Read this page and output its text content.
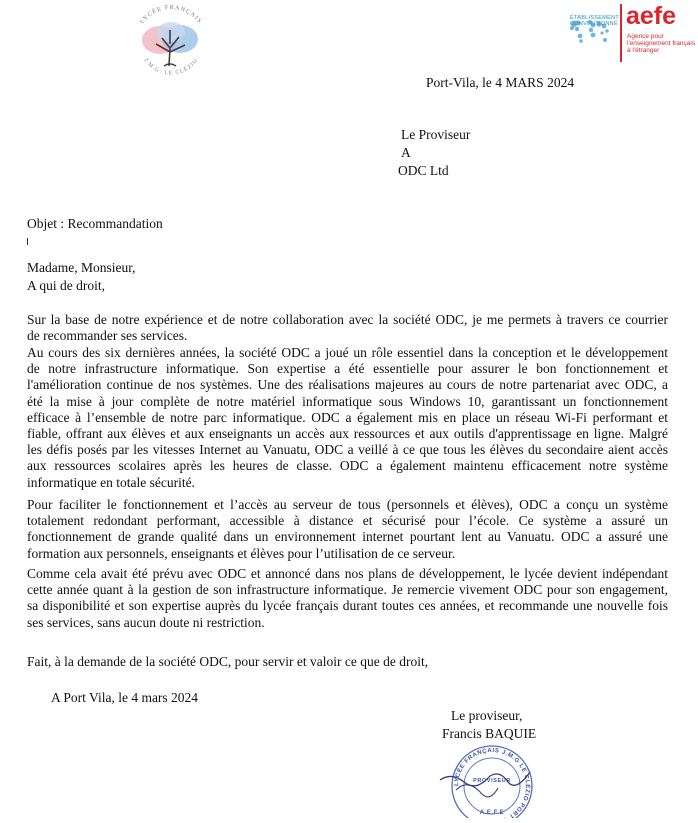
LYCÉE FRANÇAIS
J.M.G. LE CLÉZIO
ÉTABLISSEMENT
CONVENTIONNÉ aefe
Agence pour
l'enseignement français
à l'étranger
Port-Vila, le 4 MARS 2024
Le Proviseur
A
ODC Ltd
Objet : Recommandation
Madame, Monsieur,
A qui de droit,
Sur la base de notre expérience et de notre collaboration avec la société ODC, je me permets à travers ce courrier
de recommander ses services.
Au cours des six dernières années, la société ODC a joué un rôle essentiel dans la conception et le développement
de notre infrastructure informatique. Son expertise a été essentielle pour assurer le bon fonctionnement et
l'amélioration continue de nos systèmes. Une des réalisations majeures au cours de notre partenariat avec ODC, a
été la mise à jour complète de notre matériel informatique sous Windows 10, garantissant un fonctionnement
efficace à l’ensemble de notre parc informatique. ODC a également mis en place un réseau Wi-Fi performant et
fiable, offrant aux élèves et aux enseignants un accès aux ressources et aux outils d'apprentissage en ligne. Malgré
les défis posés par les vitesses Internet au Vanuatu, ODC a veillé à ce que tous les élèves du secondaire aient accès
aux ressources scolaires après les heures de classe. ODC a également maintenu efficacement notre système
informatique en totale sécurité.
Pour faciliter le fonctionnement et l’accès au serveur de tous (personnels et élèves), ODC a conçu un système
totalement redondant performant, accessible à distance et sécurisé pour l’école. Ce système a assuré un
fonctionnement de grande qualité dans un environnement internet pourtant lent au Vanuatu. ODC a assuré une
formation aux personnels, enseignants et élèves pour l’utilisation de ce serveur.
Comme cela avait été prévu avec ODC et annoncé dans nos plans de développement, le lycée devient indépendant
cette année quant à la gestion de son infrastructure informatique. Je remercie vivement ODC pour son engagement,
sa disponibilité et son expertise auprès du lycée français durant toutes ces années, et recommande une nouvelle fois
ses services, sans aucun doute ni restriction.
Fait, à la demande de la société ODC, pour servir et valoir ce que de droit,
A Port Vila, le 4 mars 2024
Le proviseur,
Francis BAQUIE
LYCÉE FRANÇAIS J.M.G LE CLÉZIO PORT
PROVISEUR
A.E.F.E
